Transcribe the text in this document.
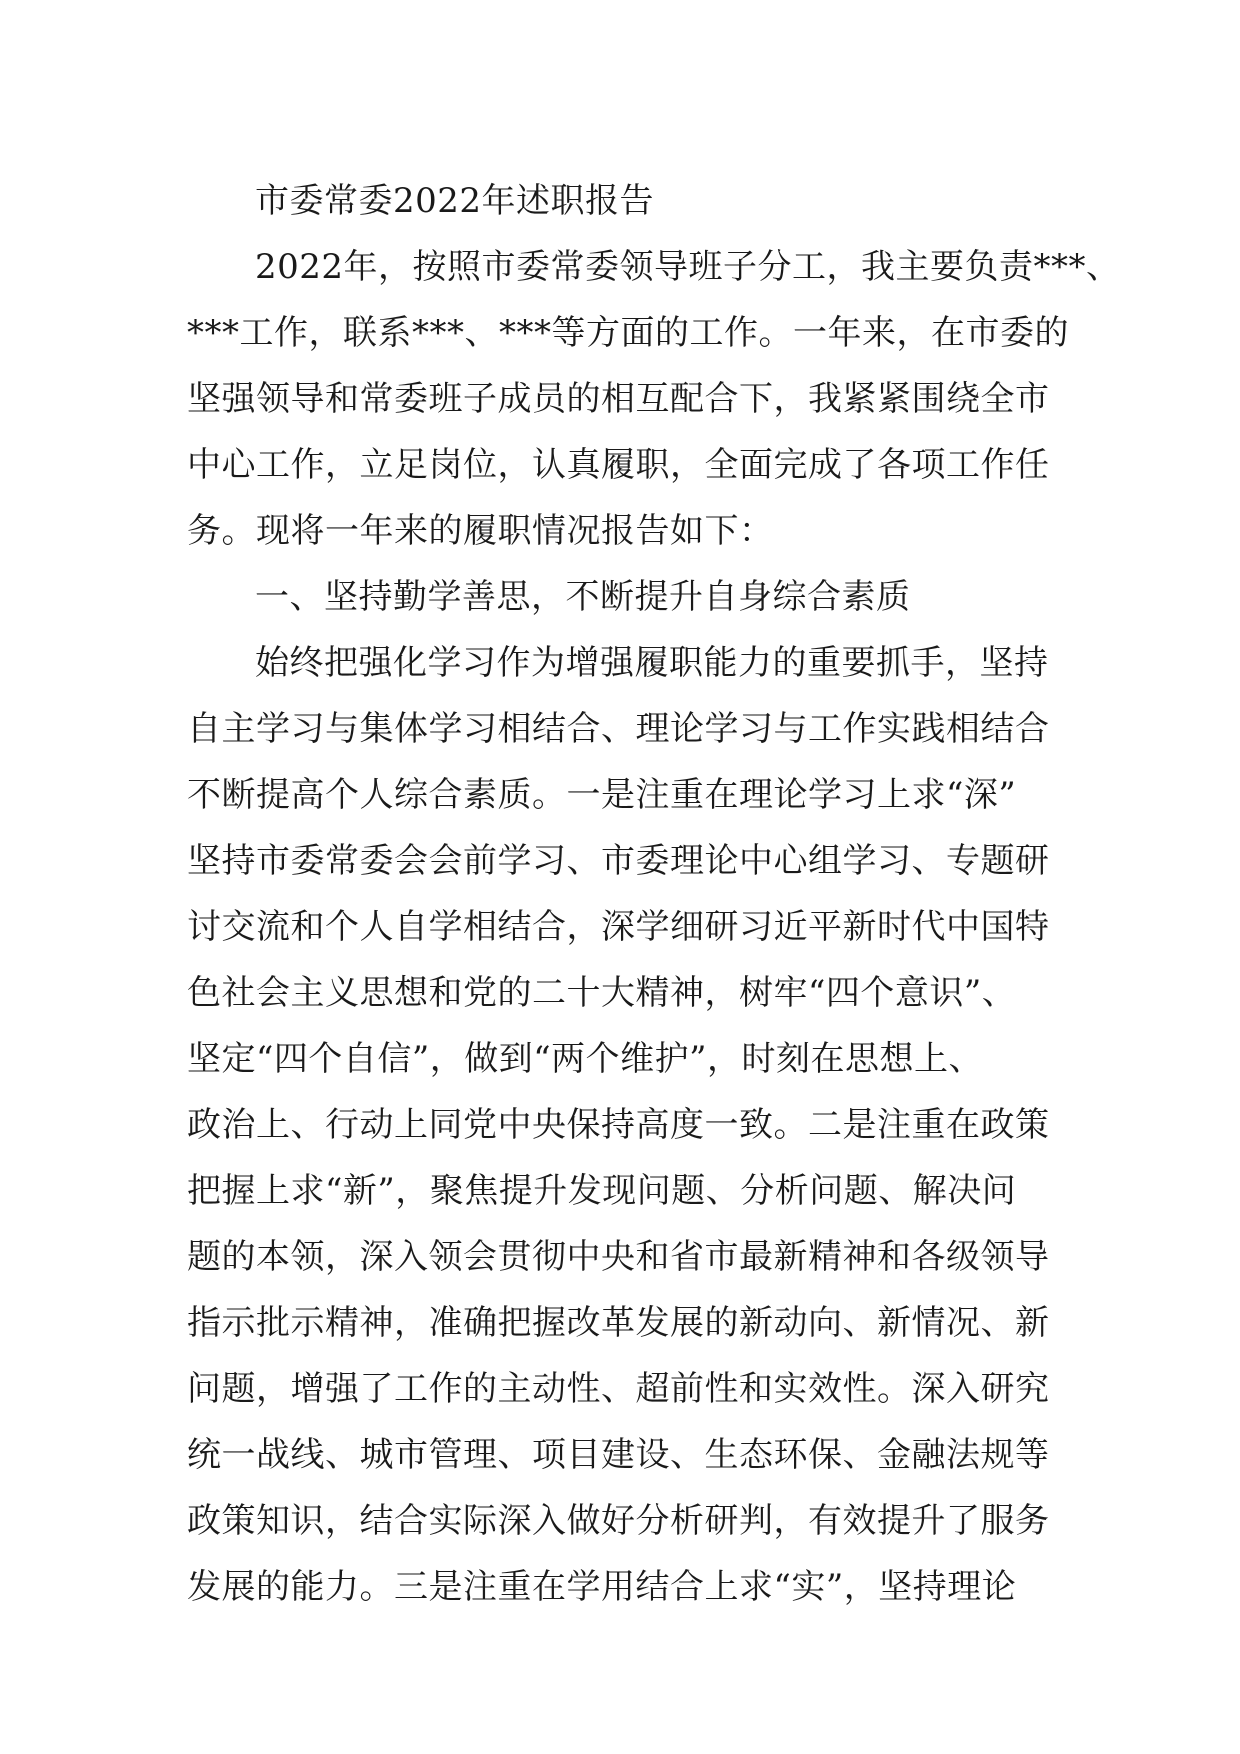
市委常委2022年述职报告
2022年，按照市委常委领导班子分工，我主要负责***、
***工作，联系***、***等方面的工作。一年来，在市委的
坚强领导和常委班子成员的相互配合下，我紧紧围绕全市
中心工作，立足岗位，认真履职，全面完成了各项工作任
务。现将一年来的履职情况报告如下：
一、坚持勤学善思，不断提升自身综合素质
始终把强化学习作为增强履职能力的重要抓手，坚持
自主学习与集体学习相结合、理论学习与工作实践相结合
不断提高个人综合素质。一是注重在理论学习上求“深”
坚持市委常委会会前学习、市委理论中心组学习、专题研
讨交流和个人自学相结合，深学细研习近平新时代中国特
色社会主义思想和党的二十大精神，树牢“四个意识”、
坚定“四个自信”，做到“两个维护”，时刻在思想上、
政治上、行动上同党中央保持高度一致。二是注重在政策
把握上求“新”，聚焦提升发现问题、分析问题、解决问
题的本领，深入领会贯彻中央和省市最新精神和各级领导
指示批示精神，准确把握改革发展的新动向、新情况、新
问题，增强了工作的主动性、超前性和实效性。深入研究
统一战线、城市管理、项目建设、生态环保、金融法规等
政策知识，结合实际深入做好分析研判，有效提升了服务
发展的能力。三是注重在学用结合上求“实”，坚持理论
